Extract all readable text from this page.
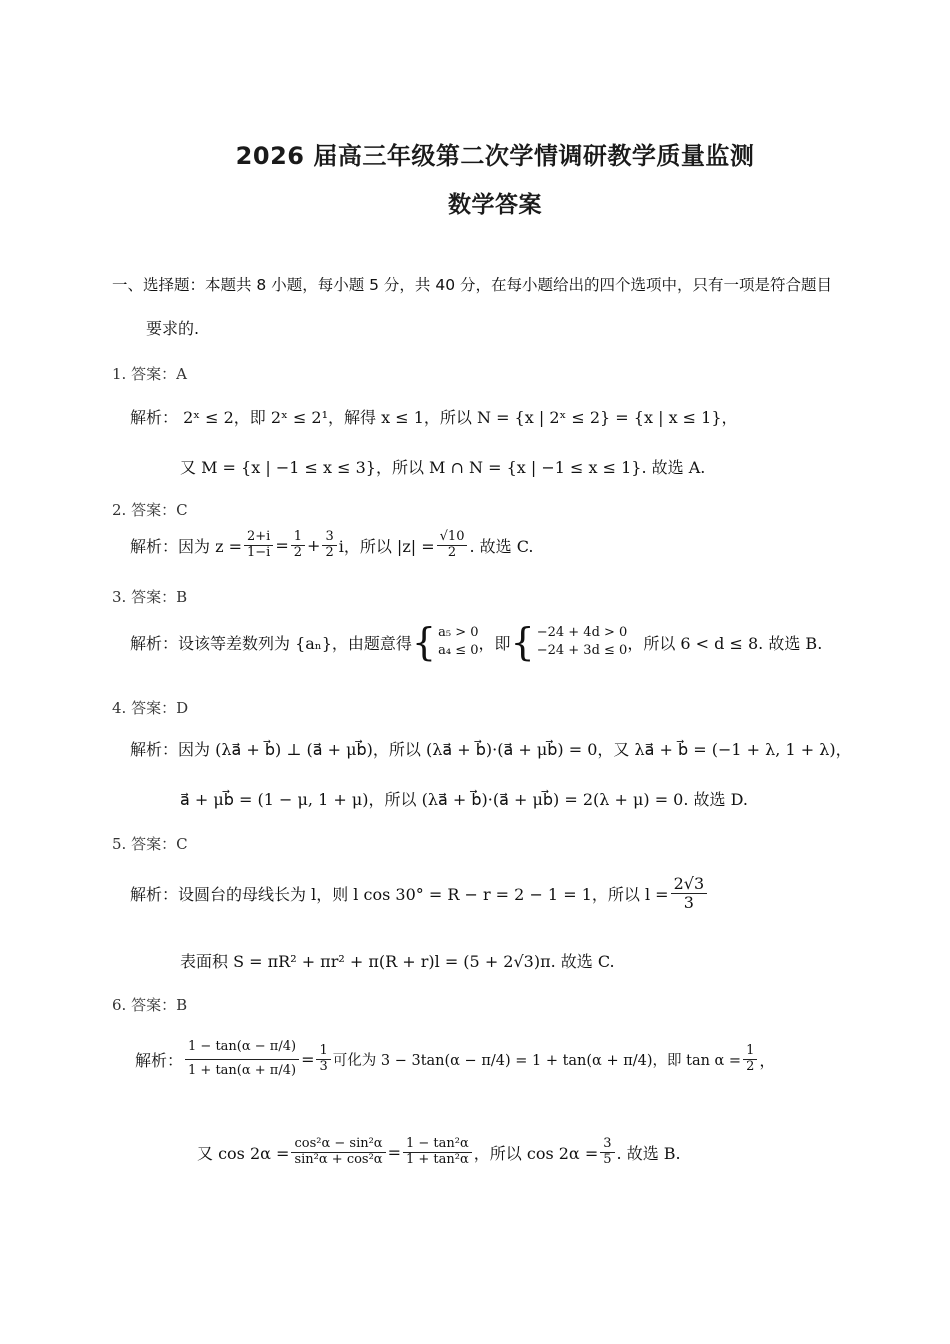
2026 届高三年级第二次学情调研教学质量监测
数学答案
一、选择题：本题共 8 小题，每小题 5 分，共 40 分，在每小题给出的四个选项中，只有一项是符合题目
要求的.
1. 答案：A
解析： 2ˣ ≤ 2，即 2ˣ ≤ 2¹，解得 x ≤ 1，所以 N = {x | 2ˣ ≤ 2} = {x | x ≤ 1}，
又 M = {x | −1 ≤ x ≤ 3}，所以 M ∩ N = {x | −1 ≤ x ≤ 1}. 故选 A.
2. 答案：C
解析：因为 $z = \frac{2+i}{1-i} = \frac{1}{2} + \frac{3}{2}$ i，所以 $|z| = \frac{√10}{2}$ . 故选 C.
3. 答案：B
解析：设该等差数列为 {aₙ}，由题意得 { a₅ > 0
a₄ ≤ 0 ，即 { −24 + 4d > 0
−24 + 3d ≤ 0 ，所以 6 < d ≤ 8. 故选 B.
4. 答案：D
解析：因为 (λa⃗ + b⃗) ⊥ (a⃗ + μb⃗)，所以 (λa⃗ + b⃗)·(a⃗ + μb⃗) = 0，又 λa⃗ + b⃗ = (−1 + λ, 1 + λ)，
a⃗ + μb⃗ = (1 − μ, 1 + μ)，所以 (λa⃗ + b⃗)·(a⃗ + μb⃗) = 2(λ + μ) = 0. 故选 D.
5. 答案：C
解析：设圆台的母线长为 l，则 l cos 30° = R − r = 2 − 1 = 1，所以 $l = \frac{2√3}{3}$
表面积 S = πR² + πr² + π(R + r)l = (5 + 2√3)π. 故选 C.
6. 答案：B
解析： $\frac{1 - \tan(\alpha - \pi/4)}{1 + \tan(\alpha + \pi/4)} = \frac{1}{3}$ 可化为 3 − 3tan(α − π/4) = 1 + tan(α + π/4)，即 $\tan \alpha = \frac{1}{2}$ ，
又 $\cos 2\alpha = \frac{\text{cos²α − sin²α}}{\text{sin²α + cos²α}} = \frac{\text{1 − tan²α}}{\text{1 + tan²α}}$ ，所以 $\cos 2\alpha = \frac{3}{5}$ . 故选 B.
